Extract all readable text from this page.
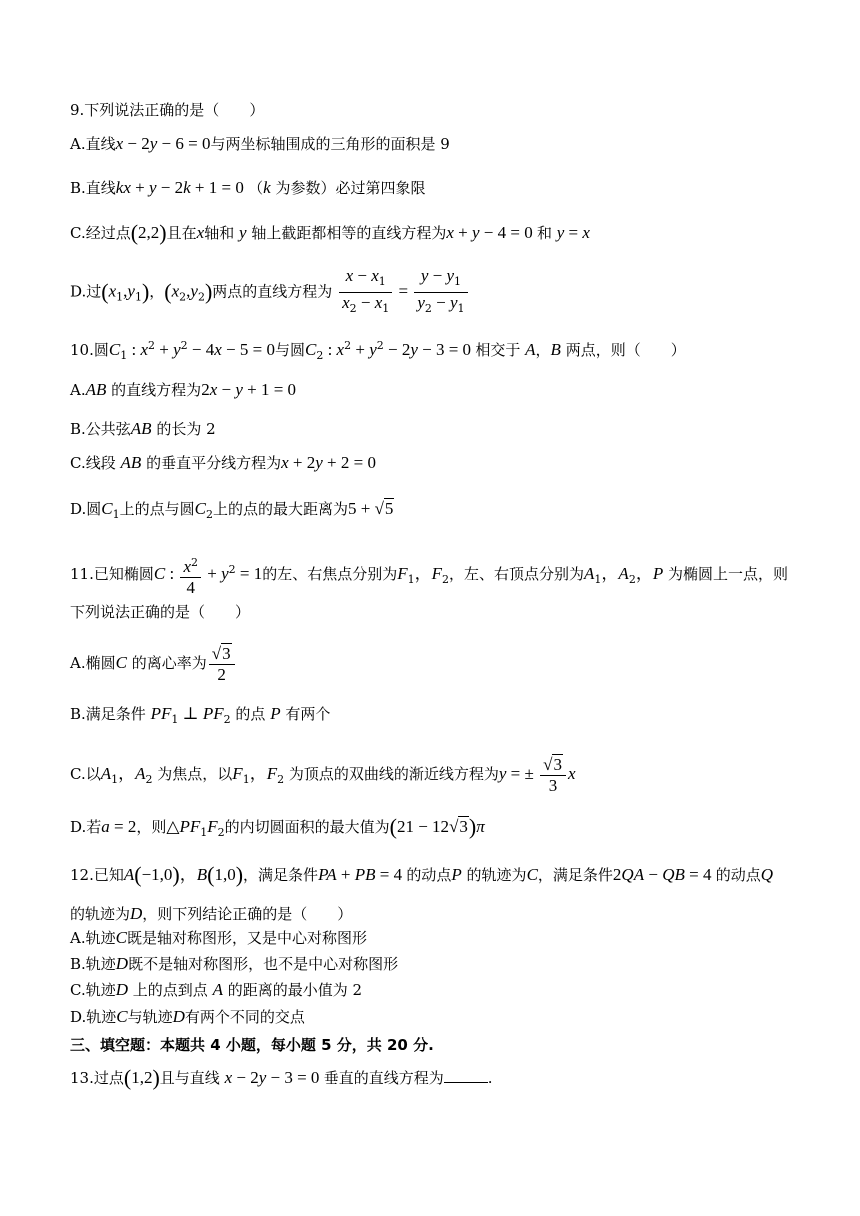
9.下列说法正确的是（　　）
A.直线x − 2y − 6 = 0与两坐标轴围成的三角形的面积是 9
B.直线kx + y − 2k + 1 = 0 （k 为参数）必过第四象限
C.经过点(2,2)且在x轴和 y 轴上截距都相等的直线方程为x + y − 4 = 0 和 y = x
D.过$(x_1,y_1)$，$(x_2,y_2)$两点的直线方程为 $\frac{x - x_1}{x_2 - x_1} = \frac{y - y_1}{y_2 - y_1}$
10.圆$C_1$ : $x^2 + y^2 - 4x - 5 = 0$与圆$C_2$ : $x^2 + y^2 - 2y - 3 = 0$ 相交于 A，B 两点，则（　　）
A.AB 的直线方程为2x − y + 1 = 0
B.公共弦AB 的长为 2
C.线段 AB 的垂直平分线方程为x + 2y + 2 = 0
D.圆$C_1$上的点与圆$C_2$上的点的最大距离为5 + √5
11.已知椭圆C : $\frac{x^2}{4} + y^2 = 1$的左、右焦点分别为$F_1$，$F_2$，左、右顶点分别为$A_1$，$A_2$，P 为椭圆上一点，则
下列说法正确的是（　　）
A.椭圆C 的离心率为 $\frac{√3}{2}$
B.满足条件 $PF_1$ ⊥ $PF_2$ 的点 P 有两个
C.以$A_1$，$A_2$ 为焦点，以$F_1$，$F_2$ 为顶点的双曲线的渐近线方程为y = ± $\frac{√3}{3}$ x
D.若a = 2，则$\triangle PF_1F_2$的内切圆面积的最大值为(21 − 12√3)π
12.已知A(−1,0)，B(1,0)，满足条件PA + PB = 4 的动点P 的轨迹为C，满足条件2QA − QB = 4 的动点Q
的轨迹为D，则下列结论正确的是（　　）
A.轨迹C既是轴对称图形，又是中心对称图形
B.轨迹D既不是轴对称图形，也不是中心对称图形
C.轨迹D 上的点到点 A 的距离的最小值为 2
D.轨迹C与轨迹D有两个不同的交点
三、填空题：本题共 4 小题，每小题 5 分，共 20 分.
13.过点(1,2)且与直线 x − 2y − 3 = 0 垂直的直线方程为	.
